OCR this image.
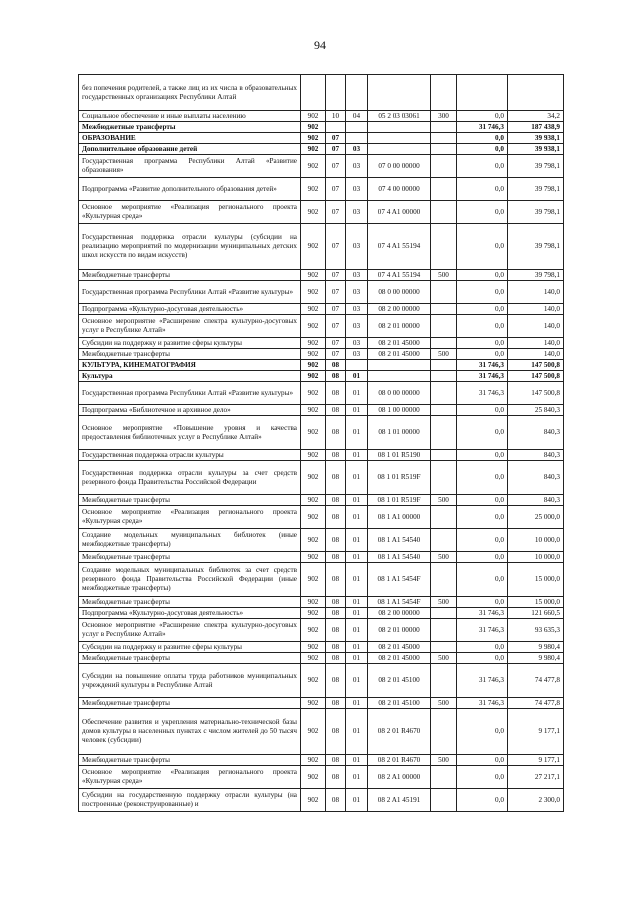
94
без попечения родителей, а также лиц из их числа в образовательных государственных организациях Республики Алтай							
Социальное обеспечение и иные выплаты населению	902	10	04	05 2 03 03061	300	0,0	34,2
Межбюджетные трансферты	902					31 746,3	187 438,9
ОБРАЗОВАНИЕ	902	07				0,0	39 938,1
Дополнительное образование детей	902	07	03			0,0	39 938,1
Государственная программа Республики Алтай «Развитие образования»	902	07	03	07 0 00 00000		0,0	39 798,1
Подпрограмма «Развитие дополнительного образования детей»	902	07	03	07 4 00 00000		0,0	39 798,1
Основное мероприятие «Реализация регионального проекта «Культурная среда»	902	07	03	07 4 A1 00000		0,0	39 798,1
Государственная поддержка отрасли культуры (субсидии на реализацию мероприятий по модернизации муниципальных детских школ искусств по видам искусств)	902	07	03	07 4 A1 55194		0,0	39 798,1
Межбюджетные трансферты	902	07	03	07 4 A1 55194	500	0,0	39 798,1
Государственная программа Республики Алтай «Развитие культуры»	902	07	03	08 0 00 00000		0,0	140,0
Подпрограмма «Культурно-досуговая деятельность»	902	07	03	08 2 00 00000		0,0	140,0
Основное мероприятие «Расширение спектра культурно-досуговых услуг в Республике Алтай»	902	07	03	08 2 01 00000		0,0	140,0
Субсидии на поддержку и развитие сферы культуры	902	07	03	08 2 01 45000		0,0	140,0
Межбюджетные трансферты	902	07	03	08 2 01 45000	500	0,0	140,0
КУЛЬТУРА, КИНЕМАТОГРАФИЯ	902	08				31 746,3	147 500,8
Культура	902	08	01			31 746,3	147 500,8
Государственная программа Республики Алтай «Развитие культуры»	902	08	01	08 0 00 00000		31 746,3	147 500,8
Подпрограмма «Библиотечное и архивное дело»	902	08	01	08 1 00 00000		0,0	25 840,3
Основное мероприятие «Повышение уровня и качества предоставления библиотечных услуг в Республике Алтай»	902	08	01	08 1 01 00000		0,0	840,3
Государственная поддержка отрасли культуры	902	08	01	08 1 01 R5190		0,0	840,3
Государственная поддержка отрасли культуры за счет средств резервного фонда Правительства Российской Федерации	902	08	01	08 1 01 R519F		0,0	840,3
Межбюджетные трансферты	902	08	01	08 1 01 R519F	500	0,0	840,3
Основное мероприятие «Реализация регионального проекта «Культурная среда»	902	08	01	08 1 A1 00000		0,0	25 000,0
Создание модельных муниципальных библиотек (иные межбюджетные трансферты)	902	08	01	08 1 A1 54540		0,0	10 000,0
Межбюджетные трансферты	902	08	01	08 1 A1 54540	500	0,0	10 000,0
Создание модельных муниципальных библиотек за счет средств резервного фонда Правительства Российской Федерации (иные межбюджетные трансферты)	902	08	01	08 1 A1 5454F		0,0	15 000,0
Межбюджетные трансферты	902	08	01	08 1 A1 5454F	500	0,0	15 000,0
Подпрограмма «Культурно-досуговая деятельность»	902	08	01	08 2 00 00000		31 746,3	121 660,5
Основное мероприятие «Расширение спектра культурно-досуговых услуг в Республике Алтай»	902	08	01	08 2 01 00000		31 746,3	93 635,3
Субсидии на поддержку и развитие сферы культуры	902	08	01	08 2 01 45000		0,0	9 980,4
Межбюджетные трансферты	902	08	01	08 2 01 45000	500	0,0	9 980,4
Субсидии на повышение оплаты труда работников муниципальных учреждений культуры в Республике Алтай	902	08	01	08 2 01 45100		31 746,3	74 477,8
Межбюджетные трансферты	902	08	01	08 2 01 45100	500	31 746,3	74 477,8
Обеспечение развития и укрепления материально-технической базы домов культуры в населенных пунктах с числом жителей до 50 тысяч человек (субсидии)	902	08	01	08 2 01 R4670		0,0	9 177,1
Межбюджетные трансферты	902	08	01	08 2 01 R4670	500	0,0	9 177,1
Основное мероприятие «Реализация регионального проекта «Культурная среда»	902	08	01	08 2 A1 00000		0,0	27 217,1
Субсидии на государственную поддержку отрасли культуры (на построенные (реконструированные) и	902	08	01	08 2 A1 45191		0,0	2 300,0
